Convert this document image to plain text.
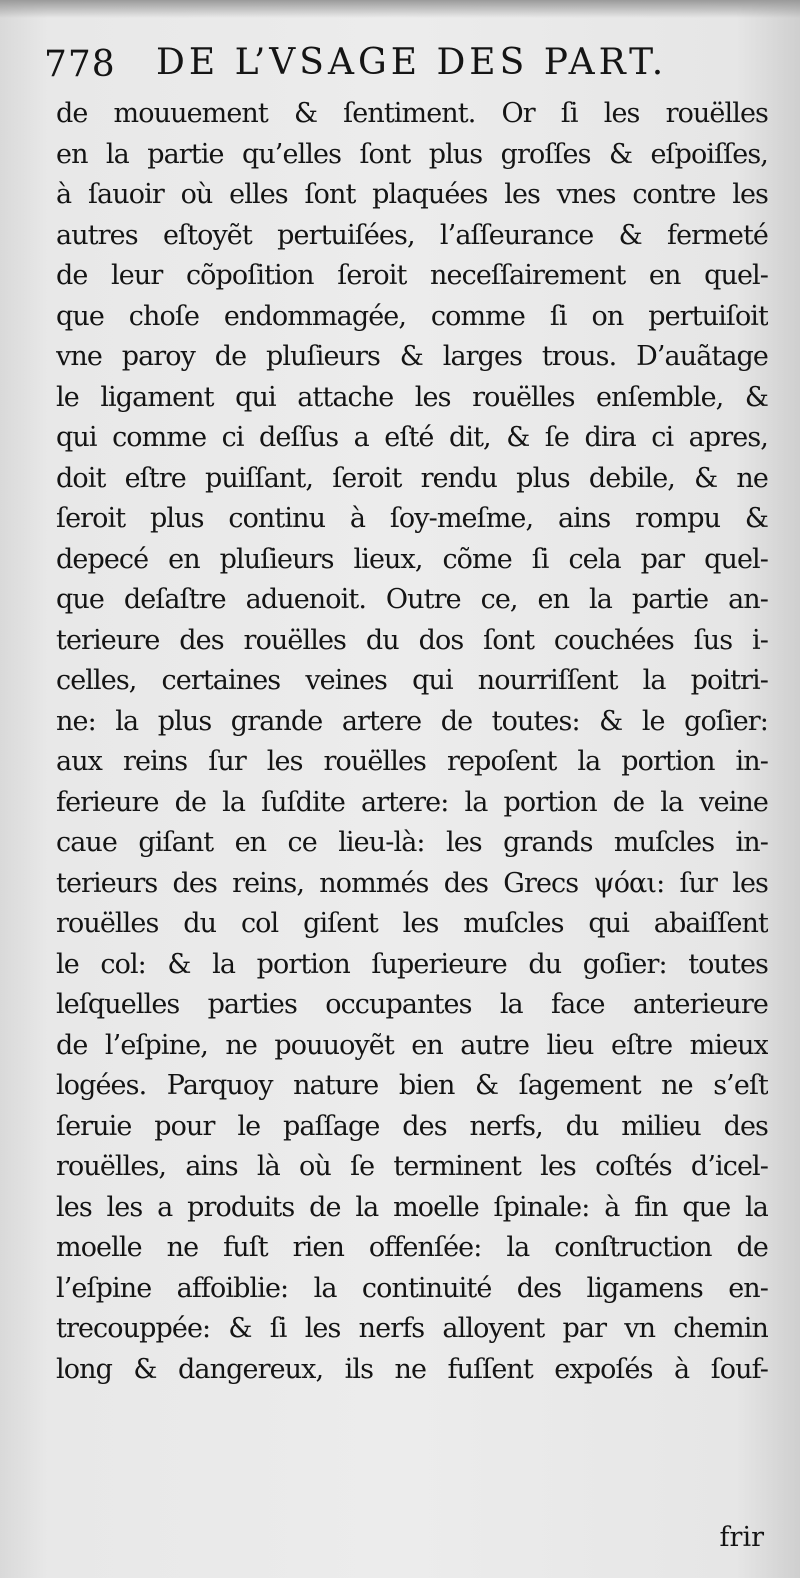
778 DE L’VSAGE DES PART.
de mouuement & ſentiment. Or ſi les rouëlles
en la partie qu’elles ſont plus groſſes & eſpoiſſes,
à ſauoir où elles ſont plaquées les vnes contre les
autres eſtoyẽt pertuiſées, l’aſſeurance & fermeté
de leur cõpoſition ſeroit neceſſairement en quel-
que choſe endommagée, comme ſi on pertuiſoit
vne paroy de pluſieurs & larges trous. D’auãtage
le ligament qui attache les rouëlles enſemble, &
qui comme ci deſſus a eſté dit, & ſe dira ci apres,
doit eſtre puiſſant, ſeroit rendu plus debile, & ne
ſeroit plus continu à ſoy-meſme, ains rompu &
depecé en pluſieurs lieux, cõme ſi cela par quel-
que deſaſtre aduenoit. Outre ce, en la partie an-
terieure des rouëlles du dos ſont couchées ſus i-
celles, certaines veines qui nourriſſent la poitri-
ne: la plus grande artere de toutes: & le goſier:
aux reins ſur les rouëlles repoſent la portion in-
ferieure de la ſuſdite artere: la portion de la veine
caue giſant en ce lieu-là: les grands muſcles in-
terieurs des reins, nommés des Grecs ψόαι: ſur les
rouëlles du col giſent les muſcles qui abaiſſent
le col: & la portion ſuperieure du goſier: toutes
leſquelles parties occupantes la face anterieure
de l’eſpine, ne pouuoyẽt en autre lieu eſtre mieux
logées. Parquoy nature bien & ſagement ne s’eſt
ſeruie pour le paſſage des nerfs, du milieu des
rouëlles, ains là où ſe terminent les coſtés d’icel-
les les a produits de la moelle ſpinale: à fin que la
moelle ne fuſt rien offenſée: la conſtruction de
l’eſpine affoiblie: la continuité des ligamens en-
trecouppée: & ſi les nerfs alloyent par vn chemin
long & dangereux, ils ne fuſſent expoſés à ſouf-
frir
